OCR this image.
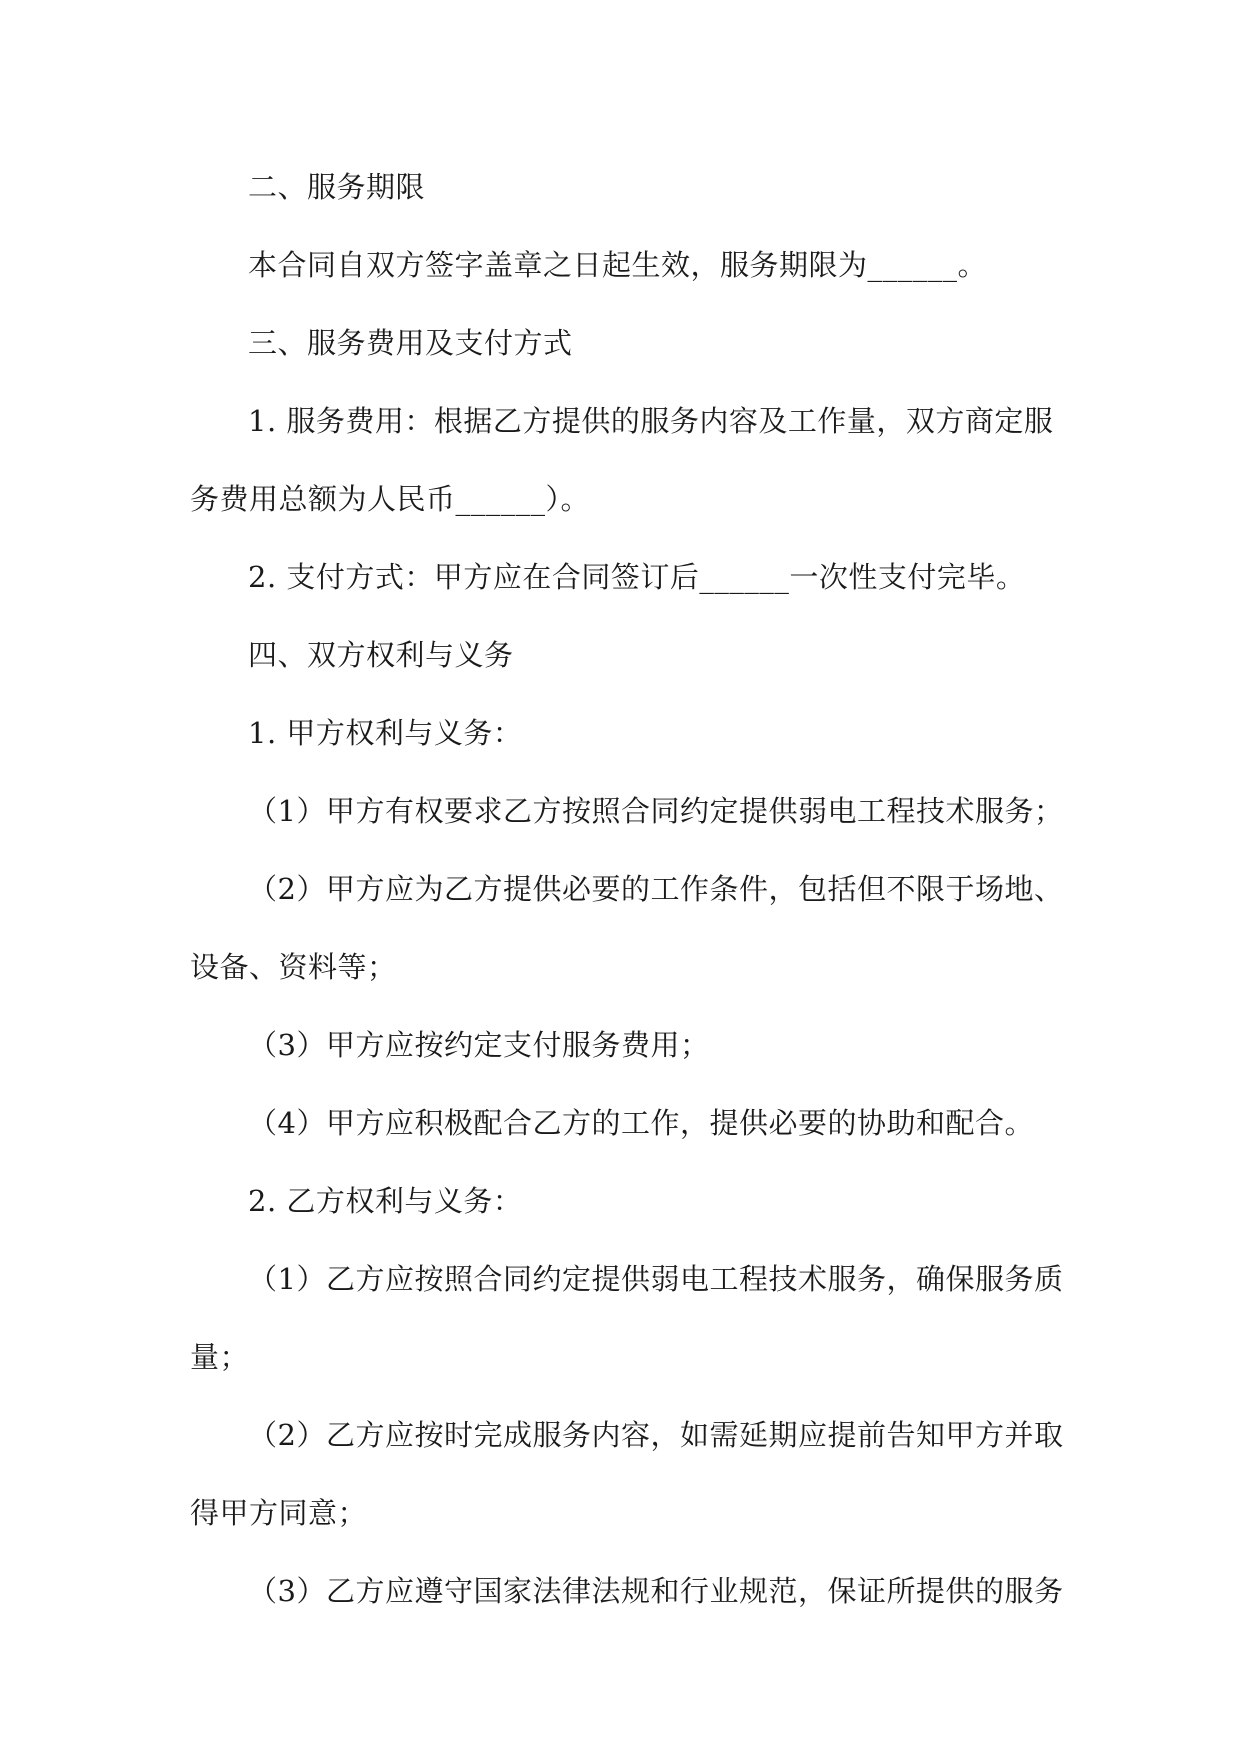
二、服务期限

本合同自双方签字盖章之日起生效，服务期限为______。

三、服务费用及支付方式

1. 服务费用：根据乙方提供的服务内容及工作量，双方商定服

务费用总额为人民币______）。

2. 支付方式：甲方应在合同签订后______一次性支付完毕。

四、双方权利与义务

1. 甲方权利与义务：

（1）甲方有权要求乙方按照合同约定提供弱电工程技术服务；

（2）甲方应为乙方提供必要的工作条件，包括但不限于场地、

设备、资料等；

（3）甲方应按约定支付服务费用；

（4）甲方应积极配合乙方的工作，提供必要的协助和配合。

2. 乙方权利与义务：

（1）乙方应按照合同约定提供弱电工程技术服务，确保服务质

量；

（2）乙方应按时完成服务内容，如需延期应提前告知甲方并取

得甲方同意；

（3）乙方应遵守国家法律法规和行业规范，保证所提供的服务
